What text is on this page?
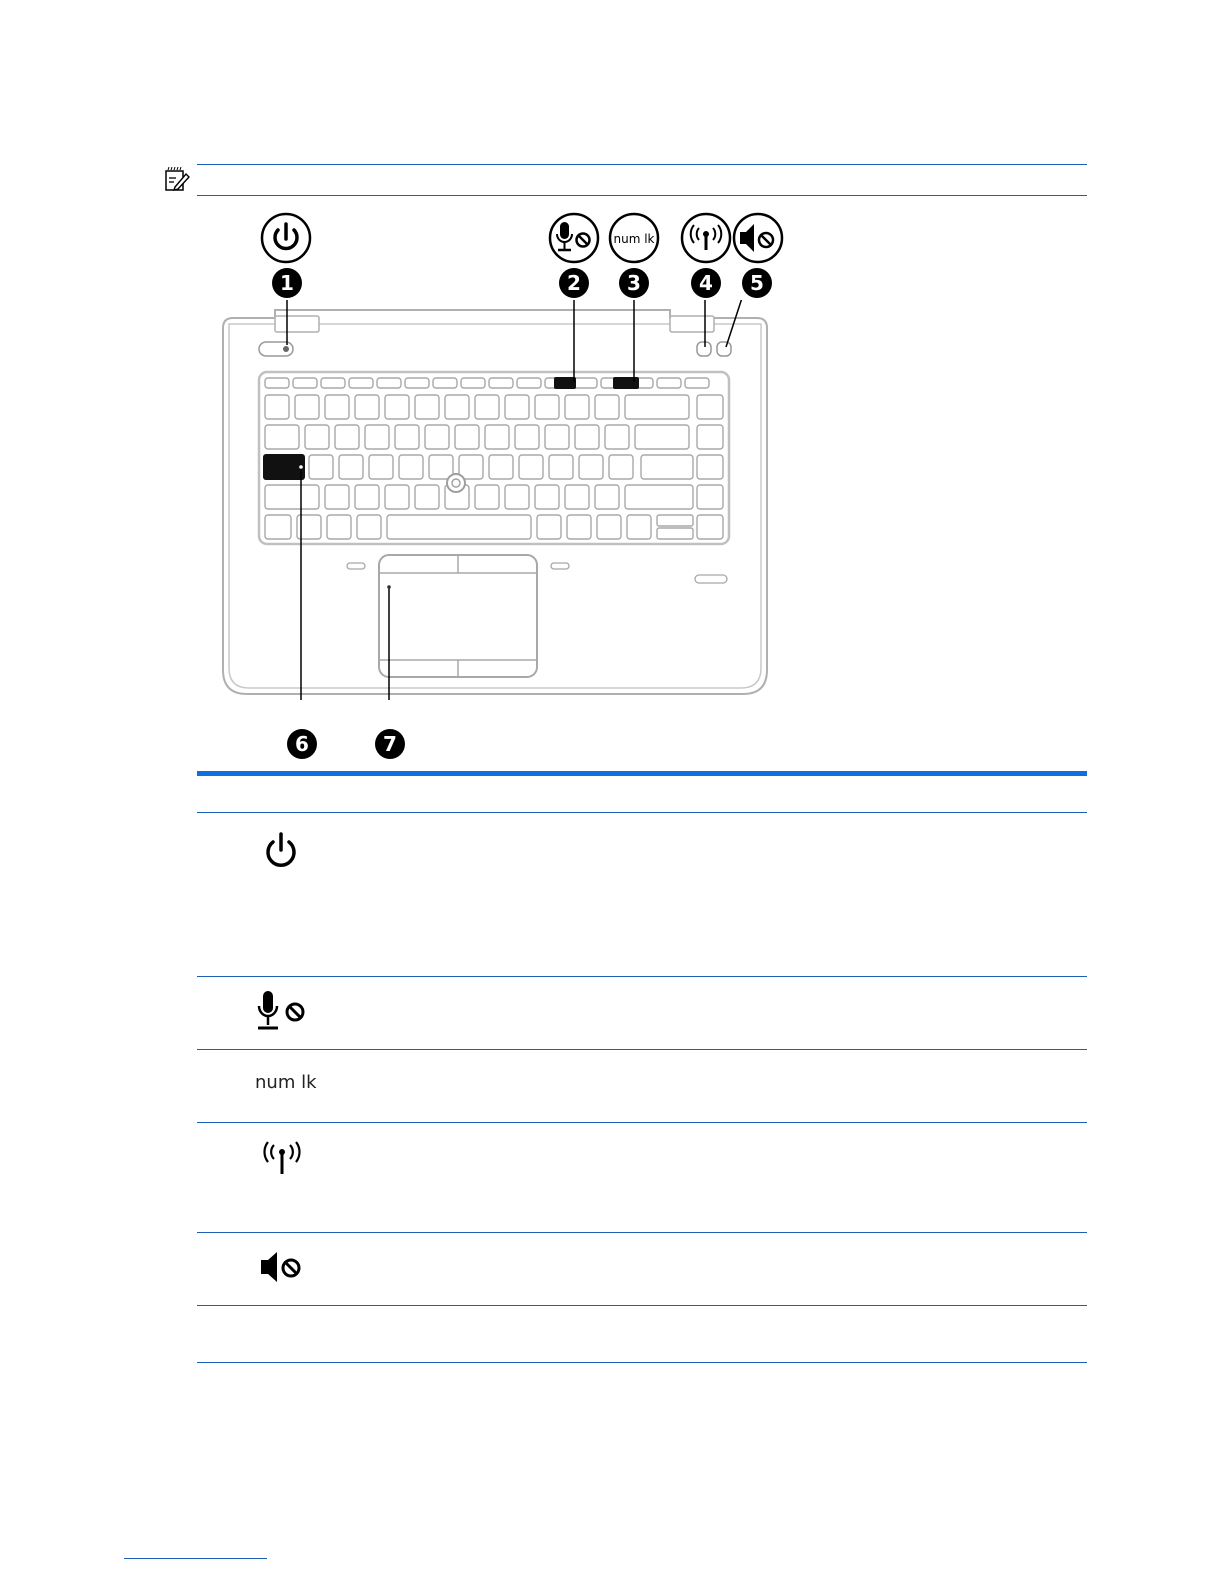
num lk
1	2	3	4	5
6	7
num lk
